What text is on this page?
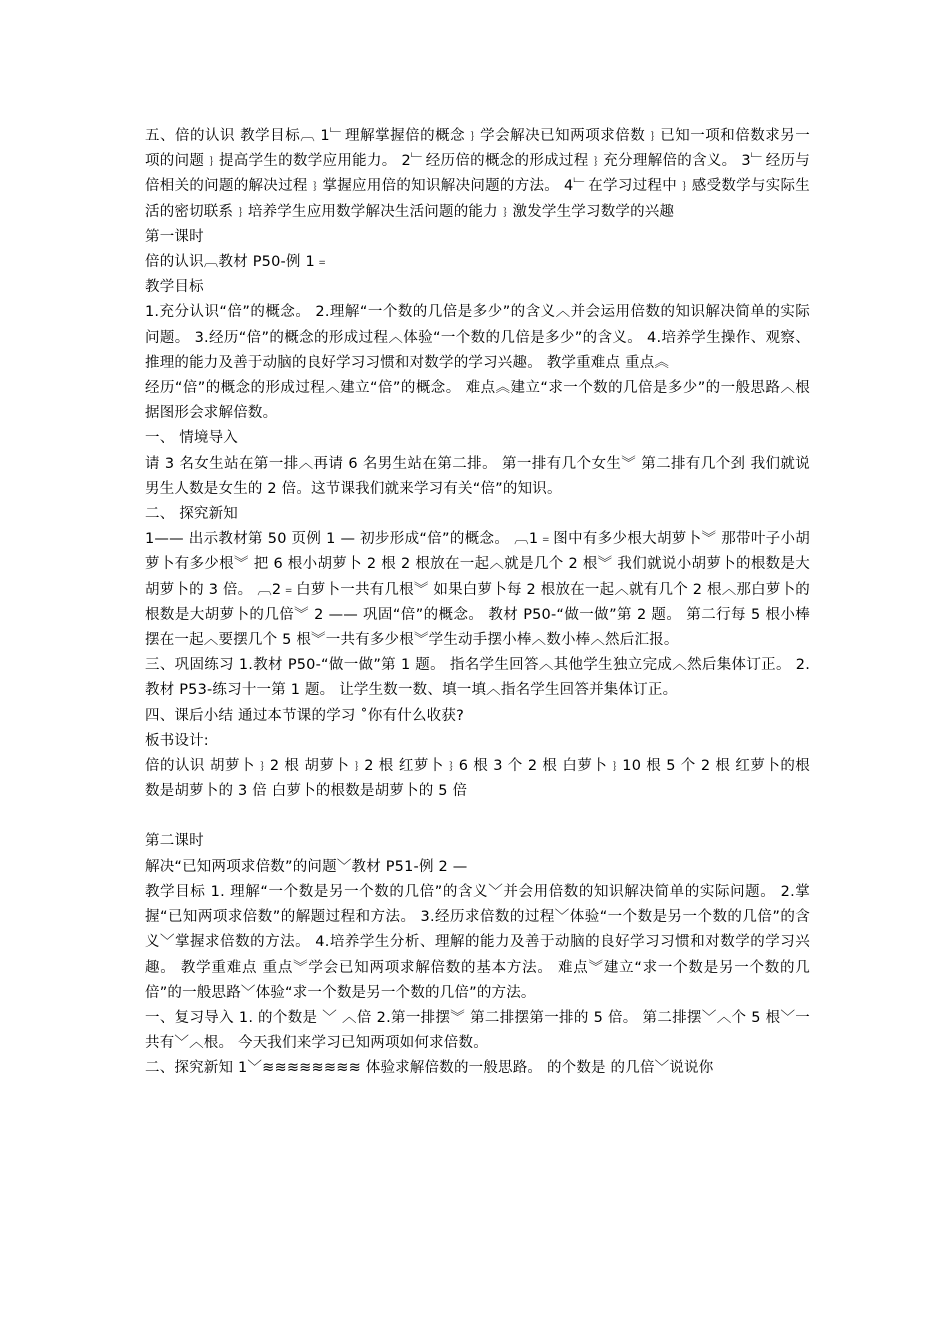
五、倍的认识 教学目标︹ 1﹂理解掌握倍的概念﹜学会解决已知两项求倍数﹜已知一项和倍数求另一项的问题﹜提高学生的数学应用能力。 2﹂经历倍的概念的形成过程﹜充分理解倍的含义。 3﹂经历与倍相关的问题的解决过程﹜掌握应用倍的知识解决问题的方法。 4﹂在学习过程中﹜感受数学与实际生活的密切联系﹜培养学生应用数学解决生活问题的能力﹜激发学生学习数学的兴趣

第一课时

倍的认识︹教材 P50-例 1﹦

教学目标

1.充分认识“倍”的概念。 2.理解“一个数的几倍是多少”的含义︿并会运用倍数的知识解决简单的实际问题。 3.经历“倍”的概念的形成过程︿体验“一个数的几倍是多少”的含义。 4.培养学生操作、观察、推理的能力及善于动脑的良好学习习惯和对数学的学习兴趣。 教学重难点 重点︽

经历“倍”的概念的形成过程︿建立“倍”的概念。 难点︽建立“求一个数的几倍是多少”的一般思路︿根据图形会求解倍数。

一、 情境导入

请 3 名女生站在第一排︿再请 6 名男生站在第二排。 第一排有几个女生︾ 第二排有几个刭 我们就说男生人数是女生的 2 倍。这节课我们就来学习有关“倍”的知识。

二、 探究新知

1—— 出示教材第 50 页例 1 — 初步形成“倍”的概念。 ︹1﹦图中有多少根大胡萝卜︾ 那带叶子小胡萝卜有多少根︾ 把 6 根小胡萝卜 2 根 2 根放在一起︿就是几个 2 根︾ 我们就说小胡萝卜的根数是大胡萝卜的 3 倍。 ︹2﹦白萝卜一共有几根︾ 如果白萝卜每 2 根放在一起︿就有几个 2 根︿那白萝卜的根数是大胡萝卜的几倍︾ 2 —— 巩固“倍”的概念。 教材 P50-“做一做”第 2 题。 第二行每 5 根小棒摆在一起︿要摆几个 5 根︾一共有多少根︾学生动手摆小棒︿数小棒︿然后汇报。

三、巩固练习 1.教材 P50-“做一做”第 1 题。 指名学生回答︿其他学生独立完成︿然后集体订正。 2.教材 P53-练习十一第 1 题。 让学生数一数、填一填︿指名学生回答并集体订正。

四、课后小结 通过本节课的学习 ˚你有什么收获?

板书设计:

倍的认识 胡萝卜﹜2 根 胡萝卜﹜2 根 红萝卜﹜6 根 3 个 2 根 白萝卜﹜10 根 5 个 2 根 红萝卜的根数是胡萝卜的 3 倍 白萝卜的根数是胡萝卜的 5 倍

第二课时

解决“已知两项求倍数”的问题﹀教材 P51-例 2 —

教学目标 1. 理解“一个数是另一个数的几倍”的含义﹀并会用倍数的知识解决简单的实际问题。 2.掌握“已知两项求倍数”的解题过程和方法。 3.经历求倍数的过程﹀体验“一个数是另一个数的几倍”的含义﹀掌握求倍数的方法。 4.培养学生分析、理解的能力及善于动脑的良好学习习惯和对数学的学习兴趣。 教学重难点 重点︾学会已知两项求解倍数的基本方法。 难点︾建立“求一个数是另一个数的几倍”的一般思路﹀体验“求一个数是另一个数的几倍”的方法。

一、复习导入 1. 的个数是 ﹀ ︿倍 2.第一排摆︾ 第二排摆第一排的 5 倍。 第二排摆﹀︿个 5 根﹀一共有﹀︿根。 今天我们来学习已知两项如何求倍数。

二、探究新知 1﹀≋≋≋≋≋≋≋≋ 体验求解倍数的一般思路。 的个数是 的几倍﹀说说你
